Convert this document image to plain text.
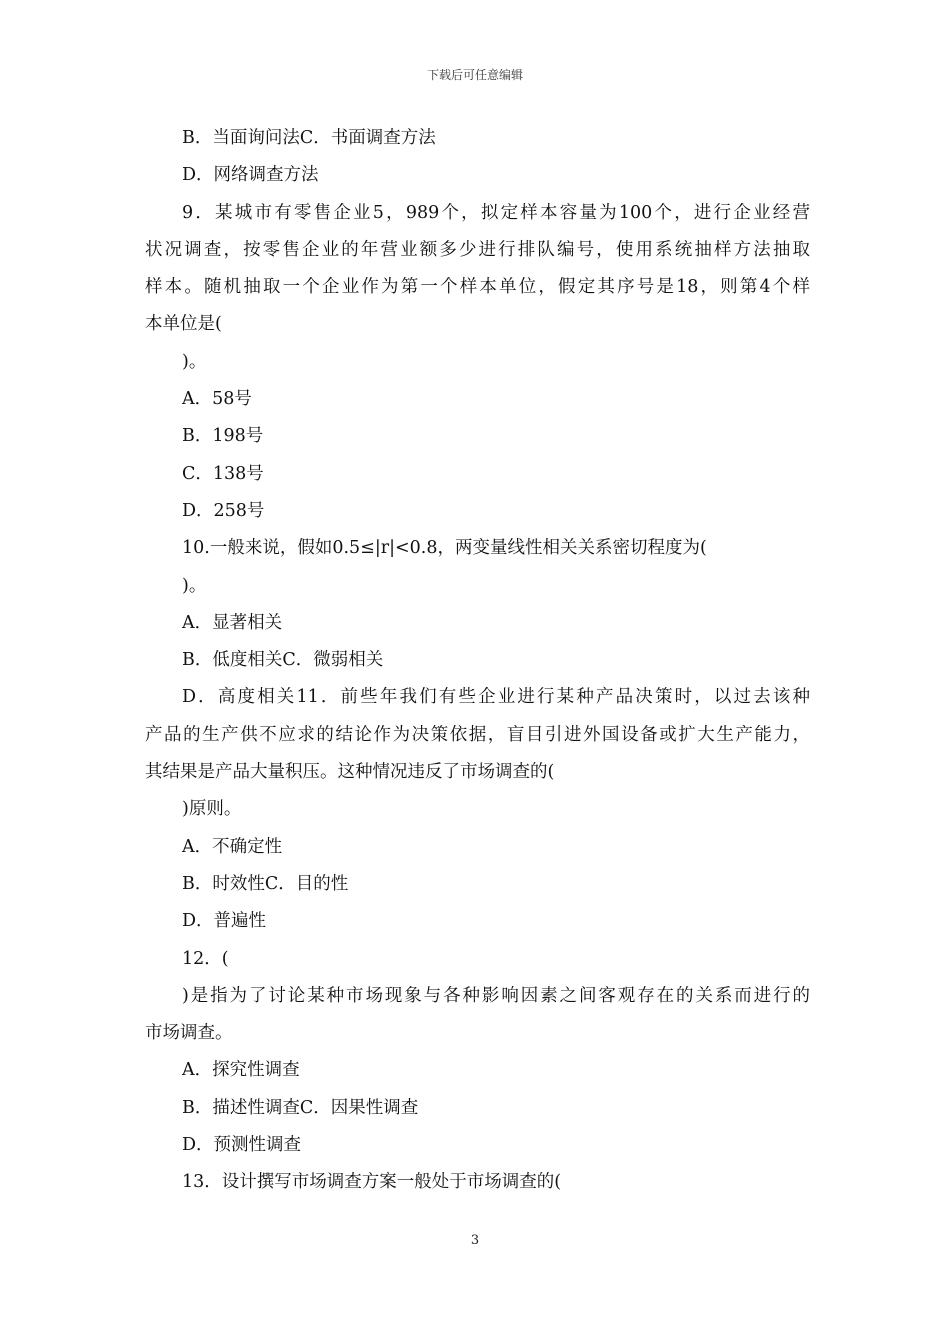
下载后可任意编辑
B．当面询问法C．书面调查方法
D．网络调查方法
9．某城市有零售企业5，989个，拟定样本容量为100个，进行企业经营
状况调查，按零售企业的年营业额多少进行排队编号，使用系统抽样方法抽取
样本。随机抽取一个企业作为第一个样本单位，假定其序号是18，则第4个样
本单位是(
)。
A．58号
B．198号
C．138号
D．258号
10.一般来说，假如0.5≤|r|<0.8，两变量线性相关关系密切程度为(
)。
A．显著相关
B．低度相关C．微弱相关
D．高度相关11．前些年我们有些企业进行某种产品决策时，以过去该种
产品的生产供不应求的结论作为决策依据，盲目引进外国设备或扩大生产能力，
其结果是产品大量积压。这种情况违反了市场调查的(
)原则。
A．不确定性
B．时效性C．目的性
D．普遍性
12．(
)是指为了讨论某种市场现象与各种影响因素之间客观存在的关系而进行的
市场调查。
A．探究性调查
B．描述性调查C．因果性调查
D．预测性调查
13．设计撰写市场调查方案一般处于市场调查的(
3
